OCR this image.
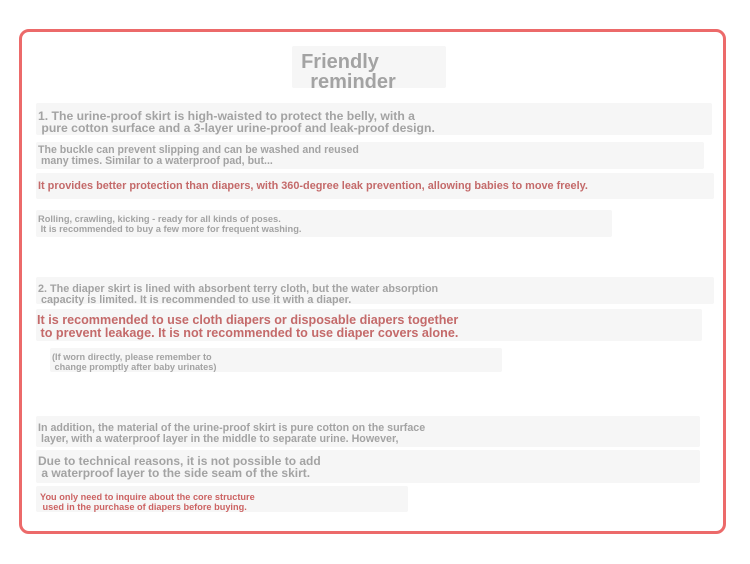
Friendly
reminder
1. The urine-proof skirt is high-waisted to protect the belly, with a
pure cotton surface and a 3-layer urine-proof and leak-proof design.
The buckle can prevent slipping and can be washed and reused
many times. Similar to a waterproof pad, but...
It provides better protection than diapers, with 360-degree leak prevention, allowing babies to move freely.
Rolling, crawling, kicking - ready for all kinds of poses.
It is recommended to buy a few more for frequent washing.
2. The diaper skirt is lined with absorbent terry cloth, but the water absorption
capacity is limited. It is recommended to use it with a diaper.
It is recommended to use cloth diapers or disposable diapers together
to prevent leakage. It is not recommended to use diaper covers alone.
(If worn directly, please remember to
change promptly after baby urinates)
In addition, the material of the urine-proof skirt is pure cotton on the surface
layer, with a waterproof layer in the middle to separate urine. However,
Due to technical reasons, it is not possible to add
a waterproof layer to the side seam of the skirt.
You only need to inquire about the core structure
used in the purchase of diapers before buying.
